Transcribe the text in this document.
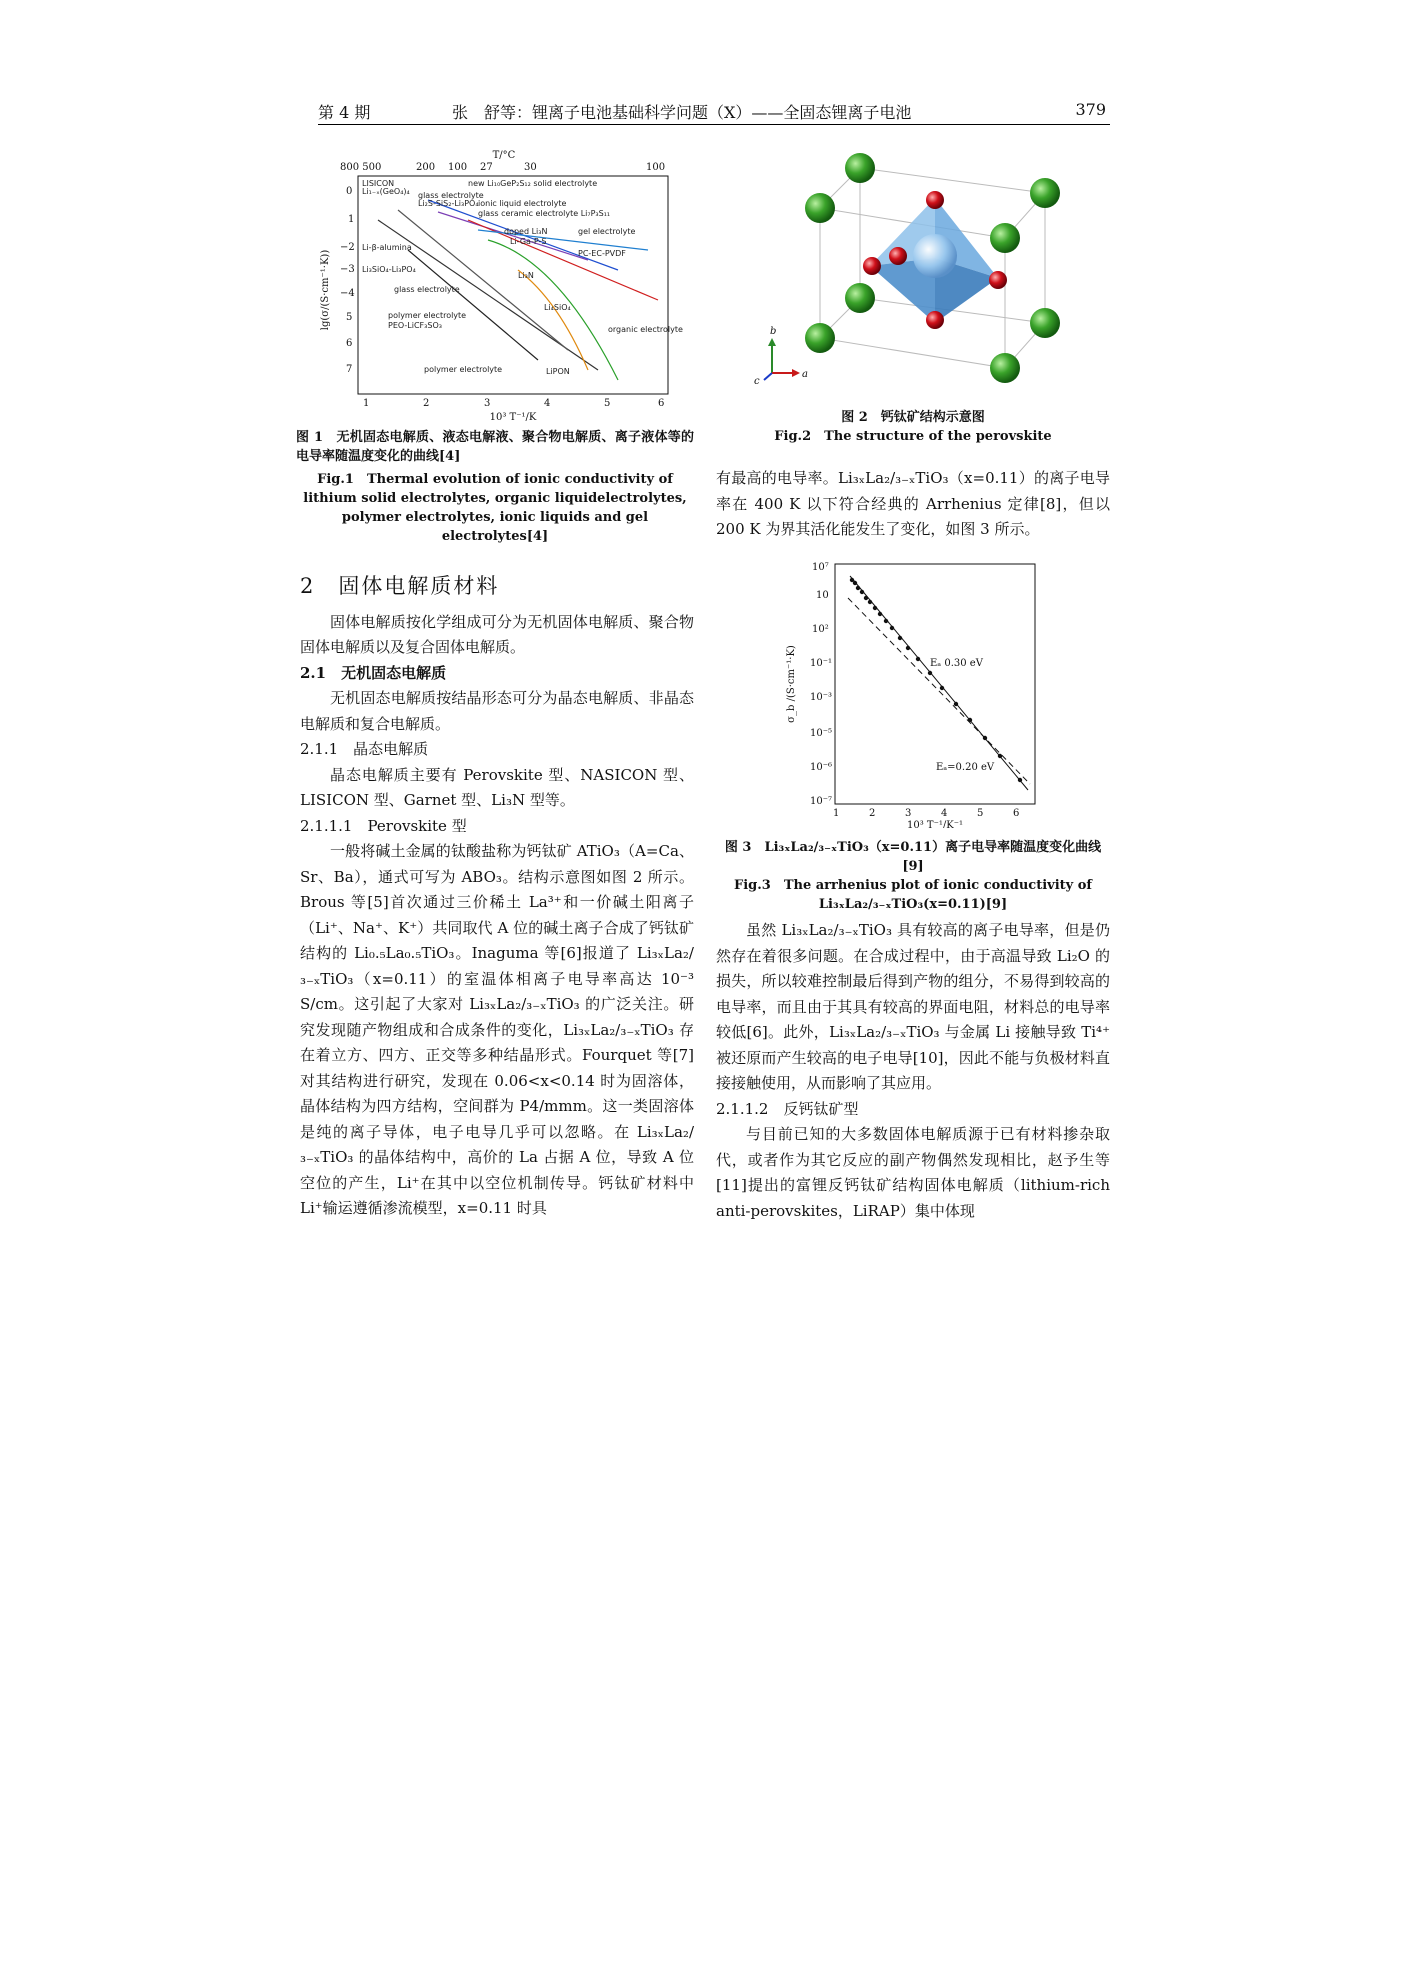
第 4 期	张　舒等：锂离子电池基础科学问题（X）——全固态锂离子电池	379
T/°C
800 500	200 100 27	30	100
0
1
−2
−3
−4
5
6
7
1	2	3	4	5	6
10³ T⁻¹/K
lg(σ/(S·cm⁻¹·K))
LISICON
Li₁₋ₓ(GeO₄)₄ glass electrolyte
Li₂S-SiS₂-Li₃PO₄
new Li₁₀GeP₂S₁₂ solid electrolyte
ionic liquid electrolyte
glass ceramic electrolyte Li₇P₃S₁₁
doped Li₃N
Li-β-alumina
Li-Ga-P-S
gel electrolyte
PC-EC-PVDF
Li₃SiO₄-Li₃PO₄
Li₃N
glass electrolyte
polymer electrolyte
PEO-LiCF₃SO₃
LiPON
organic electrolyte
polymer electrolyte
Li₄SiO₄
图 1　无机固态电解质、液态电解液、聚合物电解质、离子液体等的电导率随温度变化的曲线[4]
Fig.1　Thermal evolution of ionic conductivity of lithium solid electrolytes, organic liquidelectrolytes, polymer electrolytes, ionic liquids and gel electrolytes[4]
b
a
c
图 2　钙钛矿结构示意图
Fig.2　The structure of the perovskite
10⁷
10
10²
10⁻¹
10⁻³
10⁻⁵
10⁻⁶
10⁻⁷
1	2	3	4	5	6
10³ T⁻¹/K⁻¹
σ_b /(S·cm⁻¹·K)	Eₐ 0.30 eV
Eₐ=0.20 eV
图 3　Li₃ₓLa₂/₃₋ₓTiO₃（x=0.11）离子电导率随温度变化曲线[9]
Fig.3　The arrhenius plot of ionic conductivity of
Li₃ₓLa₂/₃₋ₓTiO₃(x=0.11)[9]
2　固体电解质材料

固体电解质按化学组成可分为无机固体电解质、聚合物固体电解质以及复合固体电解质。

2.1　无机固态电解质

无机固态电解质按结晶形态可分为晶态电解质、非晶态电解质和复合电解质。

2.1.1　晶态电解质

晶态电解质主要有 Perovskite 型、NASICON 型、LISICON 型、Garnet 型、Li₃N 型等。

2.1.1.1　Perovskite 型

一般将碱土金属的钛酸盐称为钙钛矿 ATiO₃（A=Ca、Sr、Ba），通式可写为 ABO₃。结构示意图如图 2 所示。Brous 等[5]首次通过三价稀土 La³⁺和一价碱土阳离子（Li⁺、Na⁺、K⁺）共同取代 A 位的碱土离子合成了钙钛矿结构的 Li₀.₅La₀.₅TiO₃。Inaguma 等[6]报道了 Li₃ₓLa₂/₃₋ₓTiO₃（x=0.11）的室温体相离子电导率高达 10⁻³ S/cm。这引起了大家对 Li₃ₓLa₂/₃₋ₓTiO₃ 的广泛关注。研究发现随产物组成和合成条件的变化，Li₃ₓLa₂/₃₋ₓTiO₃ 存在着立方、四方、正交等多种结晶形式。Fourquet 等[7]对其结构进行研究，发现在 0.06<x<0.14 时为固溶体，晶体结构为四方结构，空间群为 P4/mmm。这一类固溶体是纯的离子导体，电子电导几乎可以忽略。在 Li₃ₓLa₂/₃₋ₓTiO₃ 的晶体结构中，高价的 La 占据 A 位，导致 A 位空位的产生，Li⁺在其中以空位机制传导。钙钛矿材料中 Li⁺输运遵循渗流模型，x=0.11 时具

有最高的电导率。Li₃ₓLa₂/₃₋ₓTiO₃（x=0.11）的离子电导率在 400 K 以下符合经典的 Arrhenius 定律[8]，但以 200 K 为界其活化能发生了变化，如图 3 所示。

虽然 Li₃ₓLa₂/₃₋ₓTiO₃ 具有较高的离子电导率，但是仍然存在着很多问题。在合成过程中，由于高温导致 Li₂O 的损失，所以较难控制最后得到产物的组分，不易得到较高的电导率，而且由于其具有较高的界面电阻，材料总的电导率较低[6]。此外，Li₃ₓLa₂/₃₋ₓTiO₃ 与金属 Li 接触导致 Ti⁴⁺被还原而产生较高的电子电导[10]，因此不能与负极材料直接接触使用，从而影响了其应用。

2.1.1.2　反钙钛矿型

与目前已知的大多数固体电解质源于已有材料掺杂取代，或者作为其它反应的副产物偶然发现相比，赵予生等[11]提出的富锂反钙钛矿结构固体电解质（lithium-rich anti-perovskites，LiRAP）集中体现
